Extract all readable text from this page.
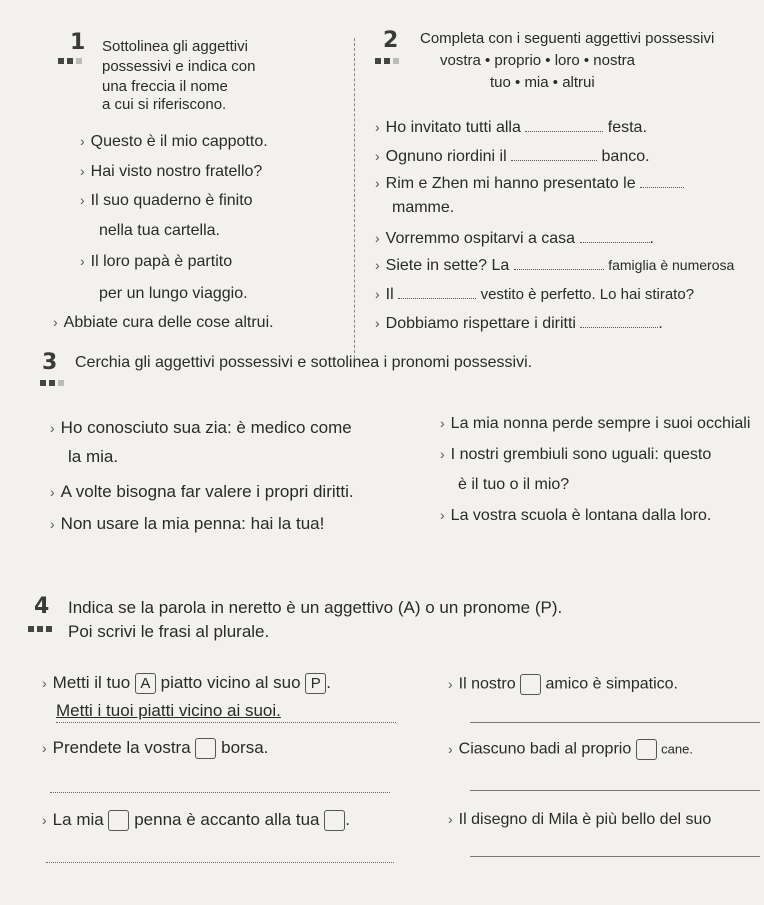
1 Sottolinea gli aggettivi
possessivi e indica con
una freccia il nome
a cui si riferiscono.
› Questo è il mio cappotto.
› Hai visto nostro fratello?
› Il suo quaderno è finito
nella tua cartella.
› Il loro papà è partito
per un lungo viaggio.
› Abbiate cura delle cose altrui.
2 Completa con i seguenti aggettivi possessivi
vostra • proprio • loro • nostra
tuo • mia • altrui
› Ho invitato tutti alla	festa.
› Ognuno riordini il	banco.
› Rim e Zhen mi hanno presentato le
mamme.
› Vorremmo ospitarvi a casa	.
› Siete in sette? La	famiglia è numerosa
› Il	vestito è perfetto. Lo hai stirato?
› Dobbiamo rispettare i diritti	.
3 Cerchia gli aggettivi possessivi e sottolinea i pronomi possessivi.
› Ho conosciuto sua zia: è medico come
la mia.
› A volte bisogna far valere i propri diritti.
› Non usare la mia penna: hai la tua!
› La mia nonna perde sempre i suoi occhiali
› I nostri grembiuli sono uguali: questo
è il tuo o il mio?
› La vostra scuola è lontana dalla loro.
4 Indica se la parola in neretto è un aggettivo (A) o un pronome (P).
Poi scrivi le frasi al plurale.
› Metti il tuo A piatto vicino al suo P .	› Il nostro amico è simpatico.
Metti i tuoi piatti vicino ai suoi.
› Prendete la vostra borsa.	› Ciascuno badi al proprio cane.
› La mia penna è accanto alla tua .	› Il disegno di Mila è più bello del suo
